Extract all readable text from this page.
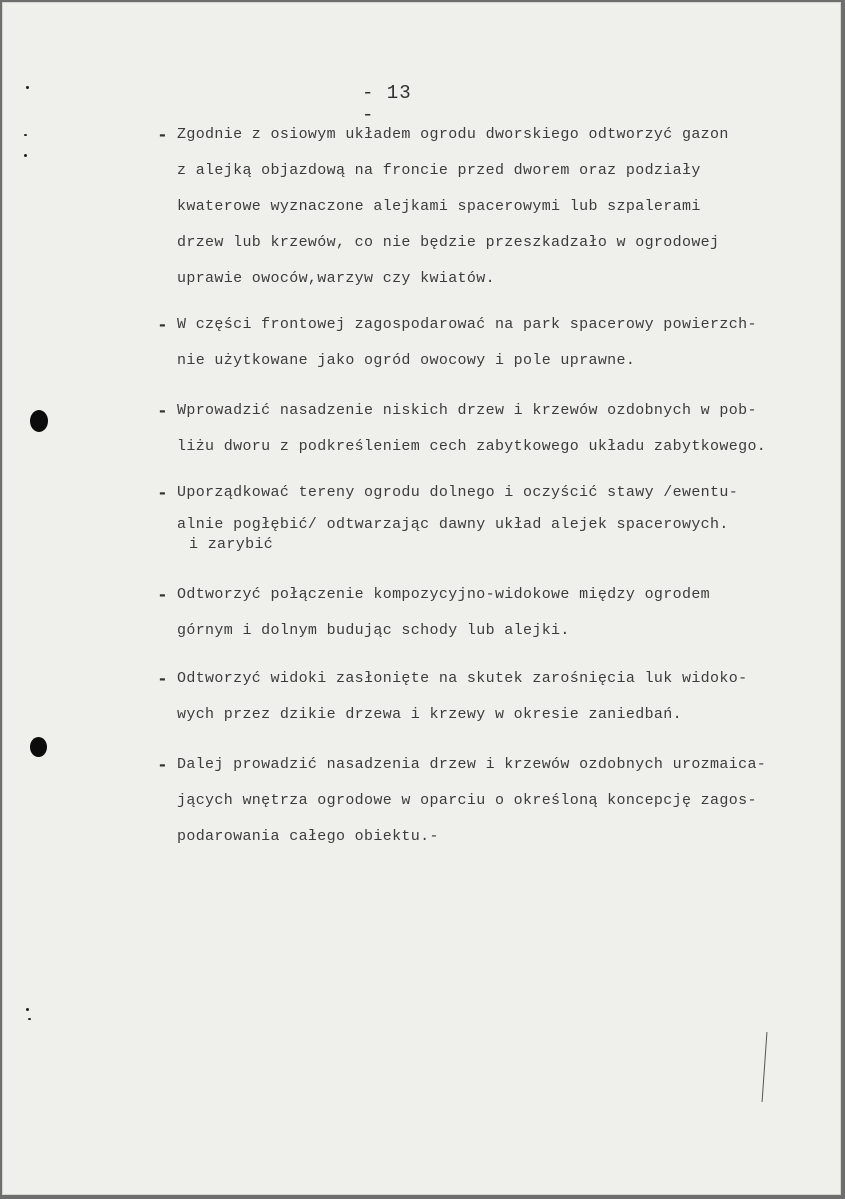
- 13 -
- Zgodnie z osiowym układem ogrodu dworskiego odtworzyć gazon
z alejką objazdową na froncie przed dworem oraz podziały
kwaterowe wyznaczone alejkami spacerowymi lub szpalerami
drzew lub krzewów, co nie będzie przeszkadzało w ogrodowej
uprawie owoców,warzyw czy kwiatów.
- W części frontowej zagospodarować na park spacerowy powierzch-
nie użytkowane jako ogród owocowy i pole uprawne.
- Wprowadzić nasadzenie niskich drzew i krzewów ozdobnych w pob-
liżu dworu z podkreśleniem cech zabytkowego układu zabytkowego.
- Uporządkować tereny ogrodu dolnego i oczyścić stawy /ewentu-
alnie pogłębić/ odtwarzając dawny układ alejek spacerowych.
i zarybić
- Odtworzyć połączenie kompozycyjno-widokowe między ogrodem
górnym i dolnym budując schody lub alejki.
- Odtworzyć widoki zasłonięte na skutek zarośnięcia luk widoko-
wych przez dzikie drzewa i krzewy w okresie zaniedbań.
- Dalej prowadzić nasadzenia drzew i krzewów ozdobnych urozmaica-
jących wnętrza ogrodowe w oparciu o określoną koncepcję zagos-
podarowania całego obiektu.-
